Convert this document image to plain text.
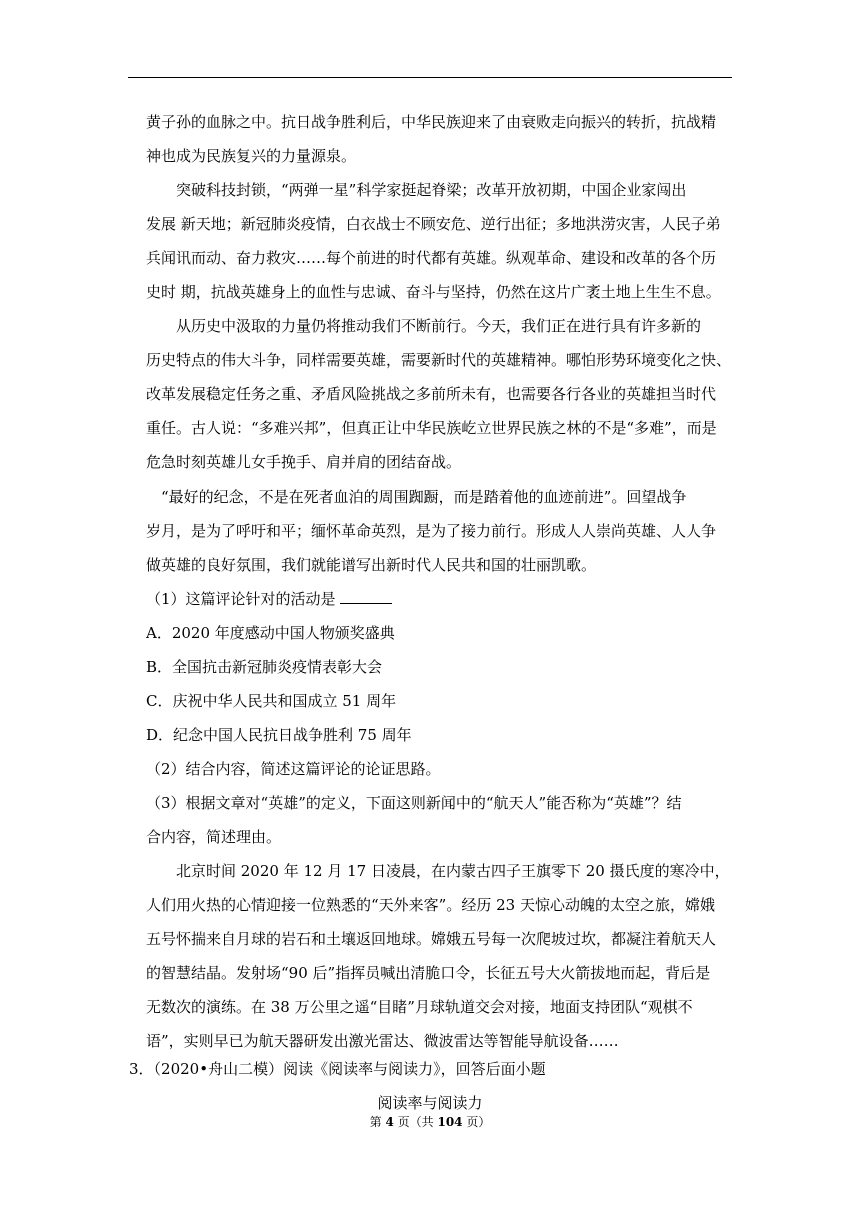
黄子孙的血脉之中。抗日战争胜利后，中华民族迎来了由衰败走向振兴的转折，抗战精
神也成为民族复兴的力量源泉。
　　突破科技封锁，“两弹一星”科学家挺起脊梁；改革开放初期，中国企业家闯出
发展 新天地；新冠肺炎疫情，白衣战士不顾安危、逆行出征；多地洪涝灾害，人民子弟
兵闻讯而动、奋力救灾……每个前进的时代都有英雄。纵观革命、建设和改革的各个历
史时 期，抗战英雄身上的血性与忠诚、奋斗与坚持，仍然在这片广袤土地上生生不息。
　　从历史中汲取的力量仍将推动我们不断前行。今天，我们正在进行具有许多新的
历史特点的伟大斗争，同样需要英雄，需要新时代的英雄精神。哪怕形势环境变化之快、
改革发展稳定任务之重、矛盾风险挑战之多前所未有，也需要各行各业的英雄担当时代
重任。古人说：“多难兴邦”，但真正让中华民族屹立世界民族之林的不是“多难”，而是
危急时刻英雄儿女手挽手、肩并肩的团结奋战。
　“最好的纪念，不是在死者血泊的周围踟蹰，而是踏着他的血迹前进”。回望战争
岁月，是为了呼吁和平；缅怀革命英烈，是为了接力前行。形成人人崇尚英雄、人人争
做英雄的良好氛围，我们就能谱写出新时代人民共和国的壮丽凯歌。
（1）这篇评论针对的活动是
A．2020 年度感动中国人物颁奖盛典
B．全国抗击新冠肺炎疫情表彰大会
C．庆祝中华人民共和国成立 51 周年
D．纪念中国人民抗日战争胜利 75 周年
（2）结合内容，简述这篇评论的论证思路。
（3）根据文章对“英雄”的定义，下面这则新闻中的“航天人”能否称为“英雄”？结
合内容，简述理由。
　　北京时间 2020 年 12 月 17 日凌晨，在内蒙古四子王旗零下 20 摄氏度的寒冷中，
人们用火热的心情迎接一位熟悉的“天外来客”。经历 23 天惊心动魄的太空之旅，嫦娥
五号怀揣来自月球的岩石和土壤返回地球。嫦娥五号每一次爬坡过坎，都凝注着航天人
的智慧结晶。发射场“90 后”指挥员喊出清脆口令，长征五号大火箭拔地而起，背后是
无数次的演练。在 38 万公里之遥“目睹”月球轨道交会对接，地面支持团队“观棋不
语”，实则早已为航天器研发出激光雷达、微波雷达等智能导航设备……
3．（2020•舟山二模）阅读《阅读率与阅读力》，回答后面小题
阅读率与阅读力
第 4 页（共 104 页）
